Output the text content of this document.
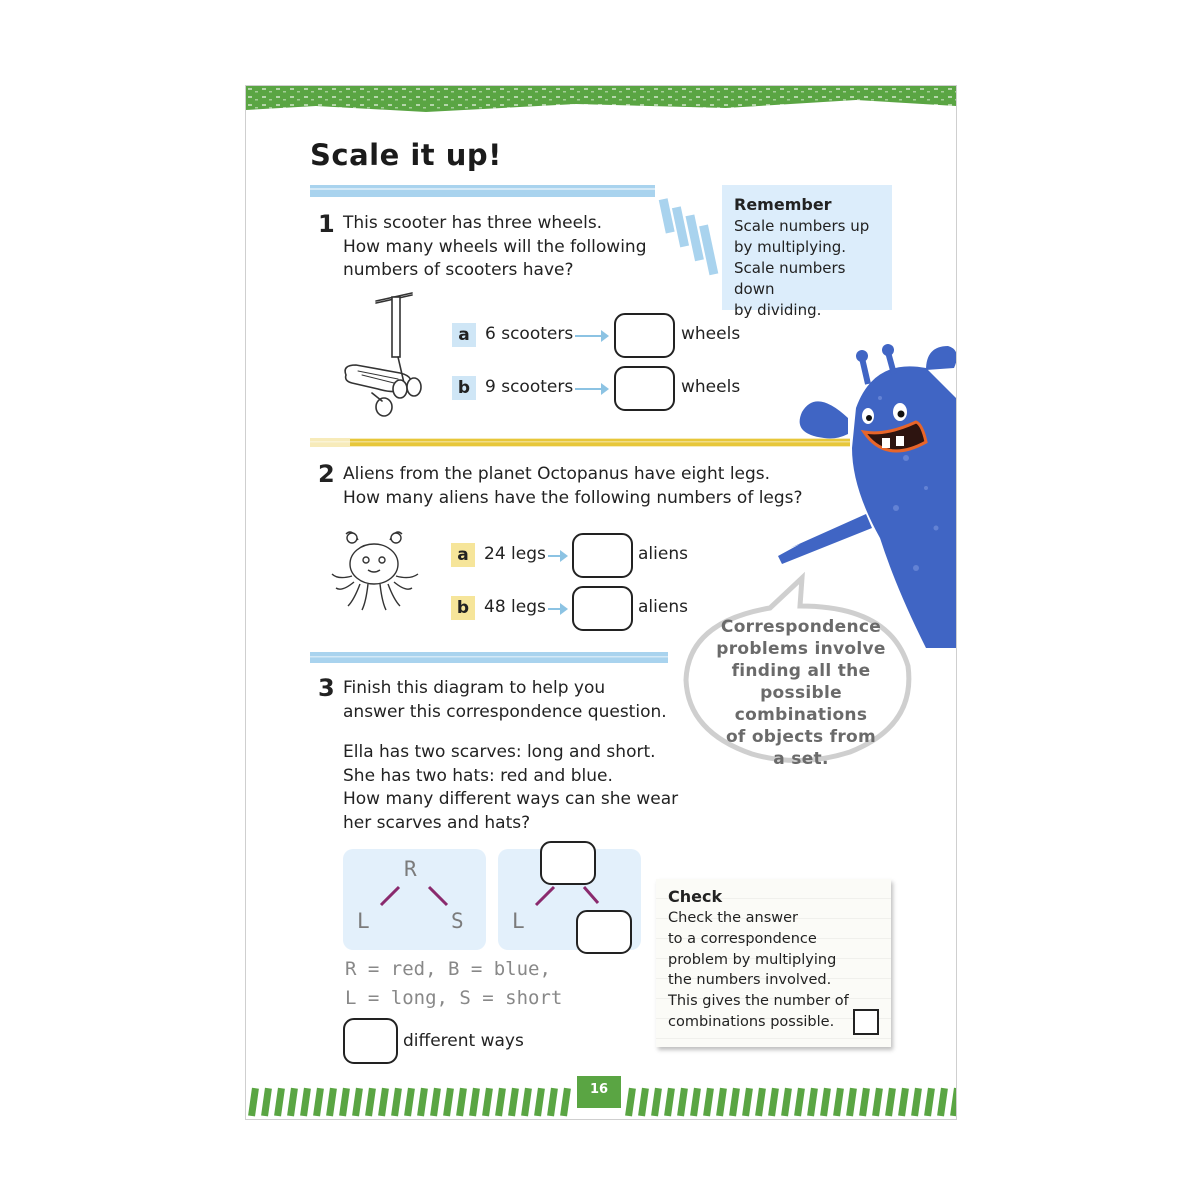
Scale it up!
Remember
Scale numbers up
by multiplying.
Scale numbers down
by dividing.
1 This scooter has three wheels.
How many wheels will the following
numbers of scooters have?
a 6 scooters	wheels
b 9 scooters	wheels
2 Aliens from the planet Octopanus have eight legs.
How many aliens have the following numbers of legs?
a 24 legs	aliens
b 48 legs	aliens
Correspondence
problems involve
finding all the
possible combinations
of objects from
a set.
3 Finish this diagram to help you
answer this correspondence question.
Ella has two scarves: long and short.
She has two hats: red and blue.
How many different ways can she wear
her scarves and hats?
R
L	S L
R = red, B = blue,
L = long, S = short
different ways
Check
Check the answer
to a correspondence
problem by multiplying
the numbers involved.
This gives the number of
combinations possible.
16
